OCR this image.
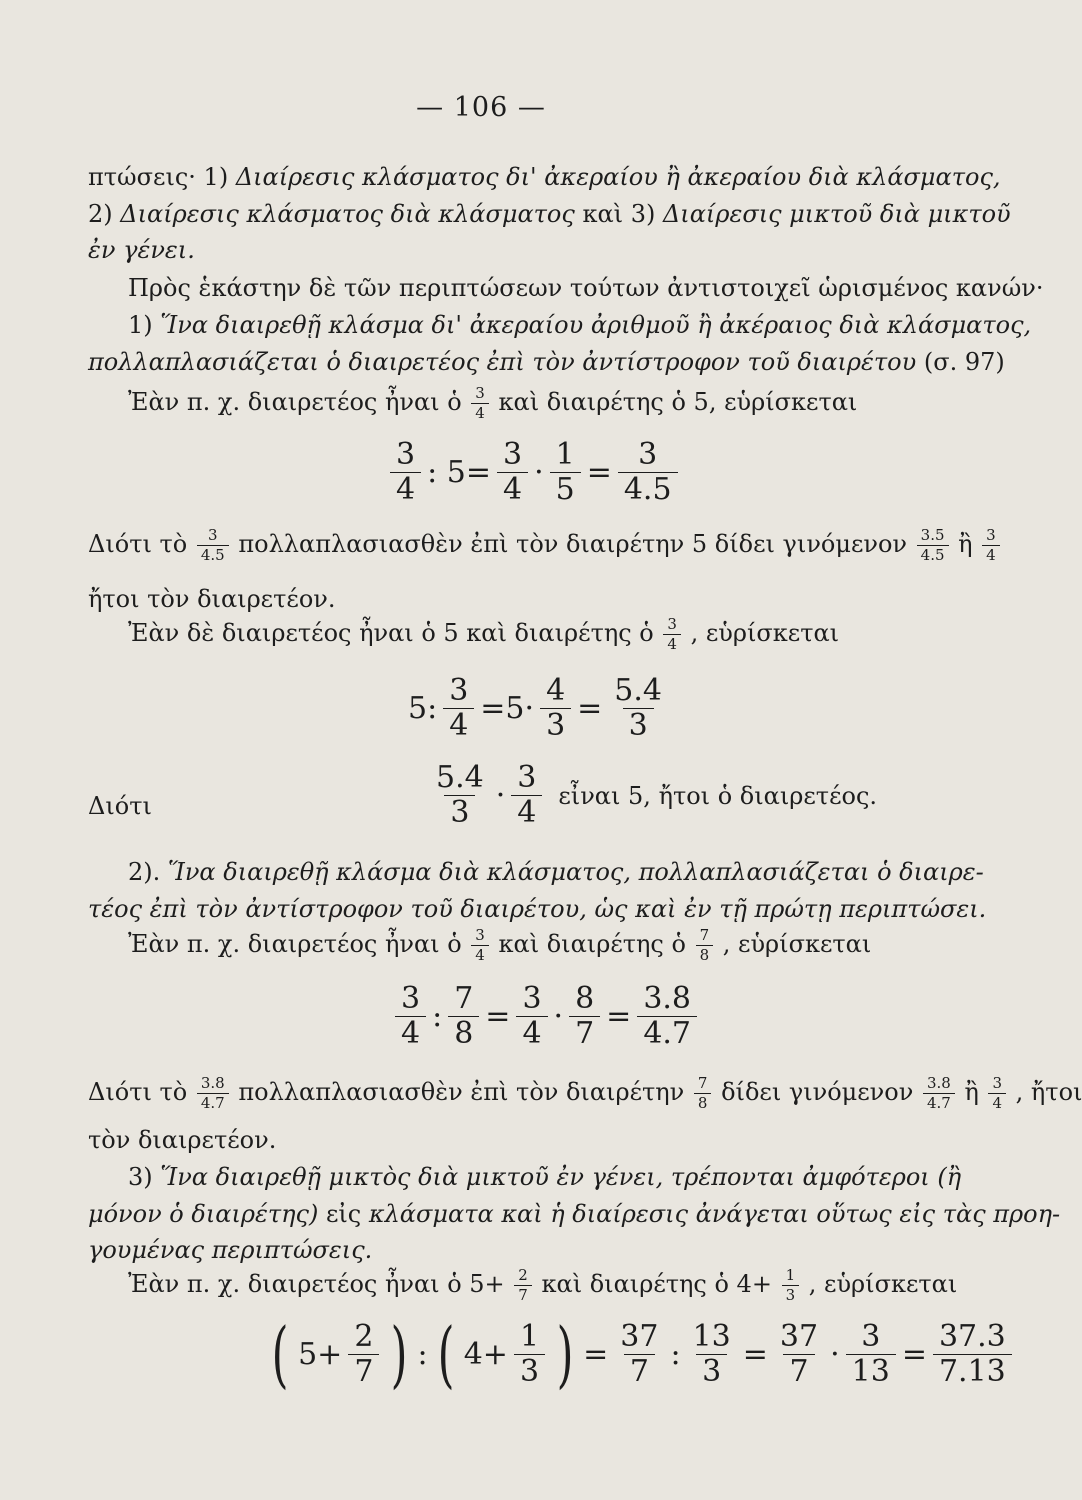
— 106 —
πτώσεις· 1) Διαίρεσις κλάσματος δι' ἀκεραίου ἢ ἀκεραίου διὰ κλάσματος,
2) Διαίρεσις κλάσματος διὰ κλάσματος καὶ 3) Διαίρεσις μικτοῦ διὰ μικτοῦ
ἐν γένει.
Πρὸς ἑκάστην δὲ τῶν περιπτώσεων τούτων ἀντιστοιχεῖ ὡρισμένος κανών·
1) Ἵνα διαιρεθῇ κλάσμα δι' ἀκεραίου ἀριθμοῦ ἢ ἀκέραιος διὰ κλάσματος,
πολλαπλασιάζεται ὁ διαιρετέος ἐπὶ τὸν ἀντίστροφον τοῦ διαιρέτου (σ. 97)
Ἐὰν π. χ. διαιρετέος ἦναι ὁ $\frac{3}{4}$ καὶ διαιρέτης ὁ 5, εὑρίσκεται
$\frac{3}{4}$ : $5= \frac{3}{4} \cdot \frac{1}{5} = \frac{3}{4.5}$
Διότι τὸ $\frac{3}{4.5}$ πολλαπλασιασθὲν ἐπὶ τὸν διαιρέτην 5 δίδει γινόμενον $\frac{3.5}{4.5}$ ἢ $\frac{3}{4}$
ἤτοι τὸν διαιρετέον.
Ἐὰν δὲ διαιρετέος ἦναι ὁ 5 καὶ διαιρέτης ὁ $\frac{3}{4}$ , εὑρίσκεται
5: $\frac{3}{4} =5\cdot \frac{4}{3} = \frac{5.4}{3}$
Διότι	$\frac{5.4}{3} \cdot \frac{3}{4}$ εἶναι 5, ἤτοι ὁ διαιρετέος.
2). Ἵνα διαιρεθῇ κλάσμα διὰ κλάσματος, πολλαπλασιάζεται ὁ διαιρε-
τέος ἐπὶ τὸν ἀντίστροφον τοῦ διαιρέτου, ὡς καὶ ἐν τῇ πρώτῃ περιπτώσει.
Ἐὰν π. χ. διαιρετέος ἦναι ὁ $\frac{3}{4}$ καὶ διαιρέτης ὁ $\frac{7}{8}$ , εὑρίσκεται
$\frac{3}{4}$ : $\frac{7}{8} = \frac{3}{4} \cdot \frac{8}{7} = \frac{3.8}{4.7}$
Διότι τὸ $\frac{3.8}{4.7}$ πολλαπλασιασθὲν ἐπὶ τὸν διαιρέτην $\frac{7}{8}$ δίδει γινόμενον $\frac{3.8}{4.7}$ ἢ $\frac{3}{4}$ , ἤτοι
τὸν διαιρετέον.
3) Ἵνα διαιρεθῇ μικτὸς διὰ μικτοῦ ἐν γένει, τρέπονται ἀμφότεροι (ἢ
μόνον ὁ διαιρέτης) εἰς κλάσματα καὶ ἡ διαίρεσις ἀνάγεται οὕτως εἰς τὰς προη-
γουμένας περιπτώσεις.
Ἐὰν π. χ. διαιρετέος ἦναι ὁ $5+ \frac{2}{7}$ καὶ διαιρέτης ὁ $4+ \frac{1}{3}$ , εὑρίσκεται
( $5+ \frac{2}{7}$ ) : ( $4+ \frac{1}{3}$ ) = $\frac{37}{7}$ : $\frac{13}{3} = \frac{37}{7} \cdot \frac{3}{13} = \frac{37.3}{7.13}$
